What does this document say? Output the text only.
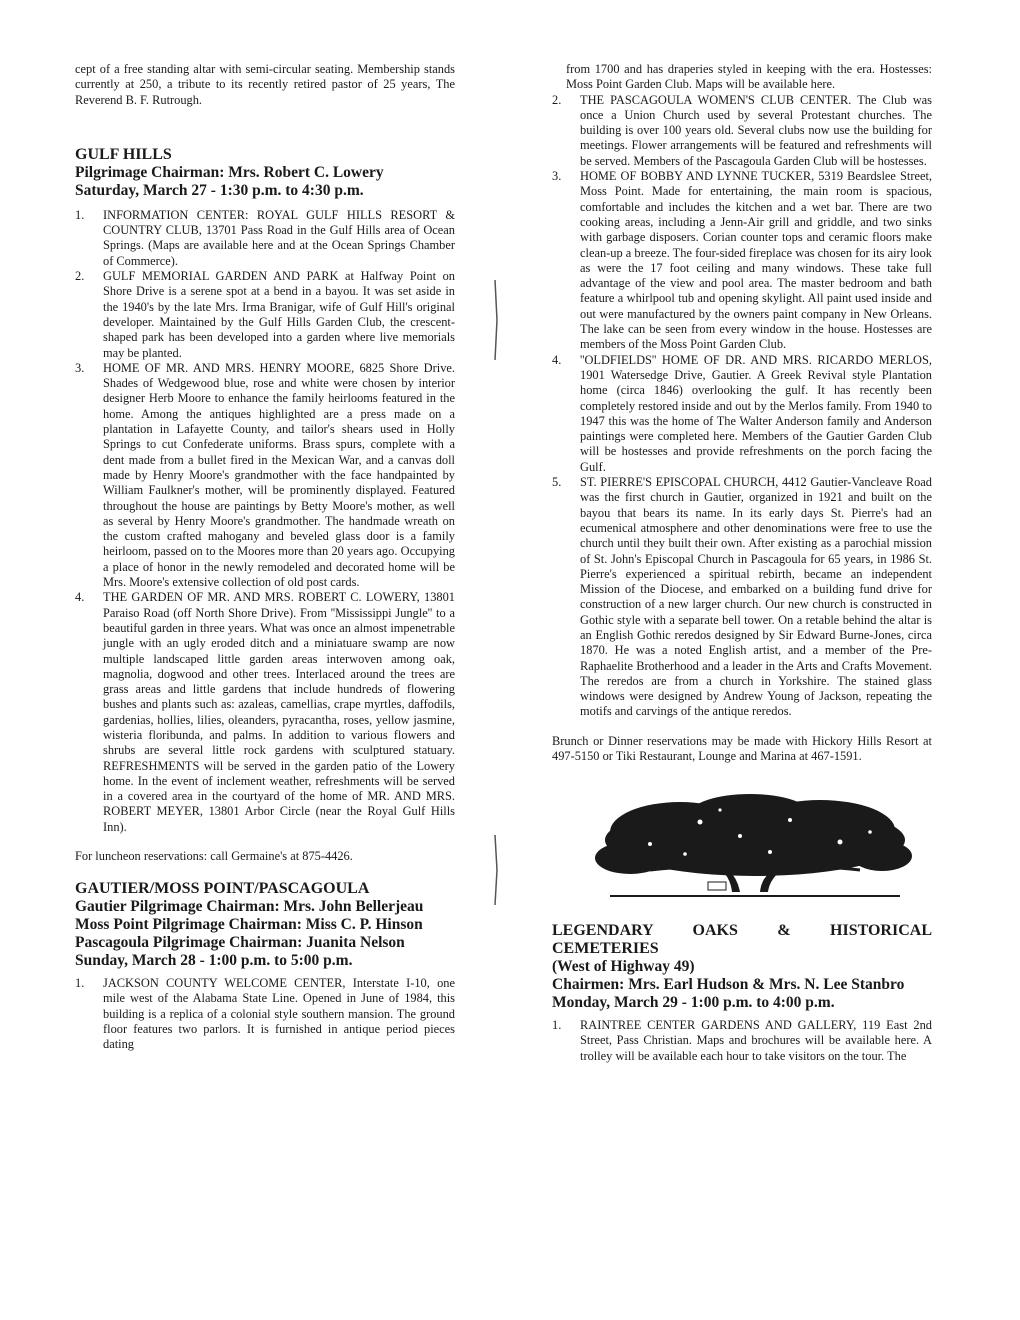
cept of a free standing altar with semi-circular seating. Membership stands currently at 250, a tribute to its recently retired pastor of 25 years, The Reverend B. F. Rutrough.

GULF HILLS

Pilgrimage Chairman: Mrs. Robert C. Lowery

Saturday, March 27 - 1:30 p.m. to 4:30 p.m.

1.	INFORMATION CENTER: ROYAL GULF HILLS RESORT & COUNTRY CLUB, 13701 Pass Road in the Gulf Hills area of Ocean Springs. (Maps are available here and at the Ocean Springs Chamber of Commerce).
2.	GULF MEMORIAL GARDEN AND PARK at Halfway Point on Shore Drive is a serene spot at a bend in a bayou. It was set aside in the 1940's by the late Mrs. Irma Branigar, wife of Gulf Hill's original developer. Maintained by the Gulf Hills Garden Club, the crescent-shaped park has been developed into a garden where live memorials may be planted.
3.	HOME OF MR. AND MRS. HENRY MOORE, 6825 Shore Drive. Shades of Wedgewood blue, rose and white were chosen by interior designer Herb Moore to enhance the family heirlooms featured in the home. Among the antiques highlighted are a press made on a plantation in Lafayette County, and tailor's shears used in Holly Springs to cut Confederate uniforms. Brass spurs, complete with a dent made from a bullet fired in the Mexican War, and a canvas doll made by Henry Moore's grandmother with the face handpainted by William Faulkner's mother, will be prominently displayed. Featured throughout the house are paintings by Betty Moore's mother, as well as several by Henry Moore's grandmother. The handmade wreath on the custom crafted mahogany and beveled glass door is a family heirloom, passed on to the Moores more than 20 years ago. Occupying a place of honor in the newly remodeled and decorated home will be Mrs. Moore's extensive collection of old post cards.
4.	THE GARDEN OF MR. AND MRS. ROBERT C. LOWERY, 13801 Paraiso Road (off North Shore Drive). From ''Mississippi Jungle'' to a beautiful garden in three years. What was once an almost impenetrable jungle with an ugly eroded ditch and a miniatuare swamp are now multiple landscaped little garden areas interwoven among oak, magnolia, dogwood and other trees. Interlaced around the trees are grass areas and little gardens that include hundreds of flowering bushes and plants such as: azaleas, camellias, crape myrtles, daffodils, gardenias, hollies, lilies, oleanders, pyracantha, roses, yellow jasmine, wisteria floribunda, and palms. In addition to various flowers and shrubs are several little rock gardens with sculptured statuary. REFRESHMENTS will be served in the garden patio of the Lowery home. In the event of inclement weather, refreshments will be served in a covered area in the courtyard of the home of MR. AND MRS. ROBERT MEYER, 13801 Arbor Circle (near the Royal Gulf Hills Inn).

For luncheon reservations: call Germaine's at 875-4426.

GAUTIER/MOSS POINT/PASCAGOULA

Gautier Pilgrimage Chairman: Mrs. John Bellerjeau

Moss Point Pilgrimage Chairman: Miss C. P. Hinson

Pascagoula Pilgrimage Chairman: Juanita Nelson

Sunday, March 28 - 1:00 p.m. to 5:00 p.m.

1.	JACKSON COUNTY WELCOME CENTER, Interstate I-10, one mile west of the Alabama State Line. Opened in June of 1984, this building is a replica of a colonial style southern mansion. The ground floor features two parlors. It is furnished in antique period pieces dating

from 1700 and has draperies styled in keeping with the era. Hostesses: Moss Point Garden Club. Maps will be available here.

2.	THE PASCAGOULA WOMEN'S CLUB CENTER. The Club was once a Union Church used by several Protestant churches. The building is over 100 years old. Several clubs now use the building for meetings. Flower arrangements will be featured and refreshments will be served. Members of the Pascagoula Garden Club will be hostesses.
3.	HOME OF BOBBY AND LYNNE TUCKER, 5319 Beardslee Street, Moss Point. Made for entertaining, the main room is spacious, comfortable and includes the kitchen and a wet bar. There are two cooking areas, including a Jenn-Air grill and griddle, and two sinks with garbage disposers. Corian counter tops and ceramic floors make clean-up a breeze. The four-sided fireplace was chosen for its airy look as were the 17 foot ceiling and many windows. These take full advantage of the view and pool area. The master bedroom and bath feature a whirlpool tub and opening skylight. All paint used inside and out were manufactured by the owners paint company in New Orleans. The lake can be seen from every window in the house. Hostesses are members of the Moss Point Garden Club.
4.	''OLDFIELDS'' HOME OF DR. AND MRS. RICARDO MERLOS, 1901 Watersedge Drive, Gautier. A Greek Revival style Plantation home (circa 1846) overlooking the gulf. It has recently been completely restored inside and out by the Merlos family. From 1940 to 1947 this was the home of The Walter Anderson family and Anderson paintings were completed here. Members of the Gautier Garden Club will be hostesses and provide refreshments on the porch facing the Gulf.
5.	ST. PIERRE'S EPISCOPAL CHURCH, 4412 Gautier-Vancleave Road was the first church in Gautier, organized in 1921 and built on the bayou that bears its name. In its early days St. Pierre's had an ecumenical atmosphere and other denominations were free to use the church until they built their own. After existing as a parochial mission of St. John's Episcopal Church in Pascagoula for 65 years, in 1986 St. Pierre's experienced a spiritual rebirth, became an independent Mission of the Diocese, and embarked on a building fund drive for construction of a new larger church. Our new church is constructed in Gothic style with a separate bell tower. On a retable behind the altar is an English Gothic reredos designed by Sir Edward Burne-Jones, circa 1870. He was a noted English artist, and a member of the Pre-Raphaelite Brotherhood and a leader in the Arts and Crafts Movement. The reredos are from a church in Yorkshire. The stained glass windows were designed by Andrew Young of Jackson, repeating the motifs and carvings of the antique reredos.

Brunch or Dinner reservations may be made with Hickory Hills Resort at 497-5150 or Tiki Restaurant, Lounge and Marina at 467-1591.

LEGENDARY OAKS & HISTORICAL CEMETERIES

(West of Highway 49)

Chairmen: Mrs. Earl Hudson & Mrs. N. Lee Stanbro

Monday, March 29 - 1:00 p.m. to 4:00 p.m.

1.	RAINTREE CENTER GARDENS AND GALLERY, 119 East 2nd Street, Pass Christian. Maps and brochures will be available here. A trolley will be available each hour to take visitors on the tour. The
